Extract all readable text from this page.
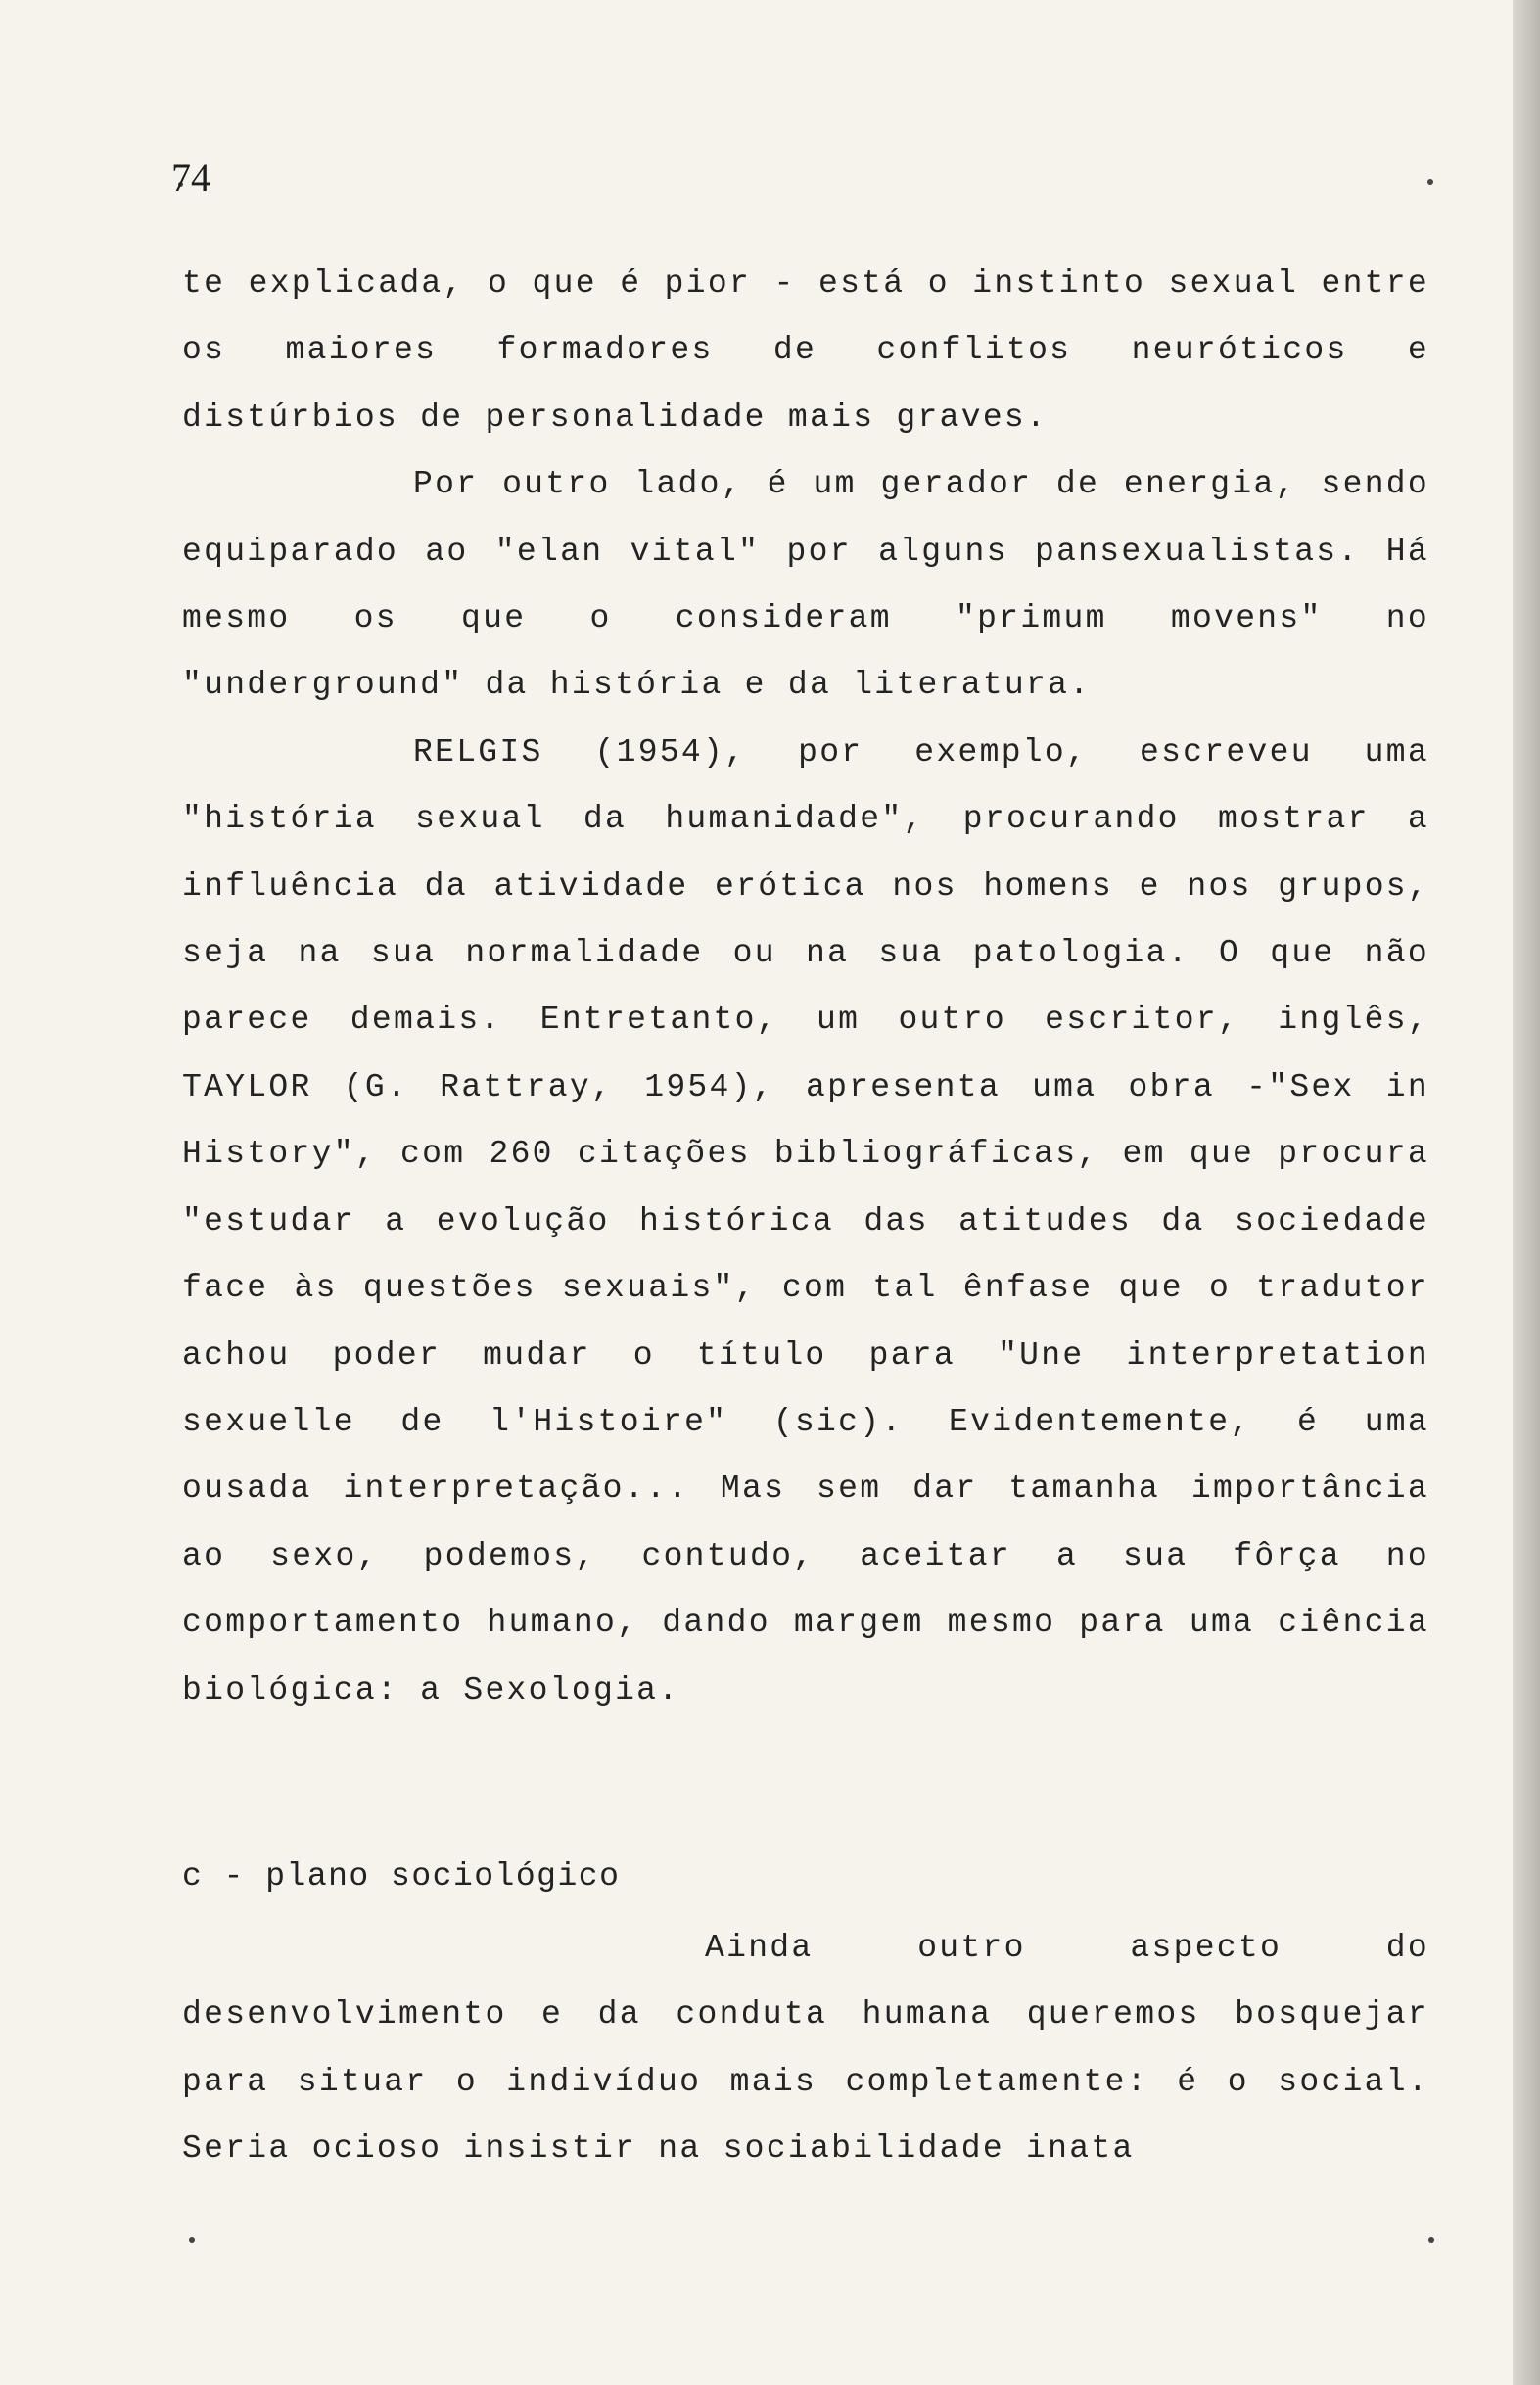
74

te explicada, o que é pior - está o instinto sexual entre os maiores formadores de conflitos neuróticos e distúrbios de personalidade mais graves.

Por outro lado, é um gerador de energia, sendo equiparado ao "elan vital" por alguns pansexualistas. Há mesmo os que o consideram "primum movens" no "underground" da história e da literatura.

RELGIS (1954), por exemplo, escreveu uma "história sexual da humanidade", procurando mostrar a influência da atividade erótica nos homens e nos grupos, seja na sua normalidade ou na sua patologia. O que não parece demais. Entretanto, um outro escritor, inglês, TAYLOR (G. Rattray, 1954), apresenta uma obra -"Sex in History", com 260 citações bibliográficas, em que procura "estudar a evolução histórica das atitudes da sociedade face às questões sexuais", com tal ênfase que o tradutor achou poder mudar o título para "Une interpretation sexuelle de l'Histoire" (sic). Evidentemente, é uma ousada interpretação... Mas sem dar tamanha importância ao sexo, podemos, contudo, aceitar a sua fôrça no comportamento humano, dando margem mesmo para uma ciência biológica: a Sexologia.

c - plano sociológico

Ainda outro aspecto do desenvolvimento e da conduta humana queremos bosquejar para situar o indivíduo mais completamente: é o social. Seria ocioso insistir na sociabilidade inata
